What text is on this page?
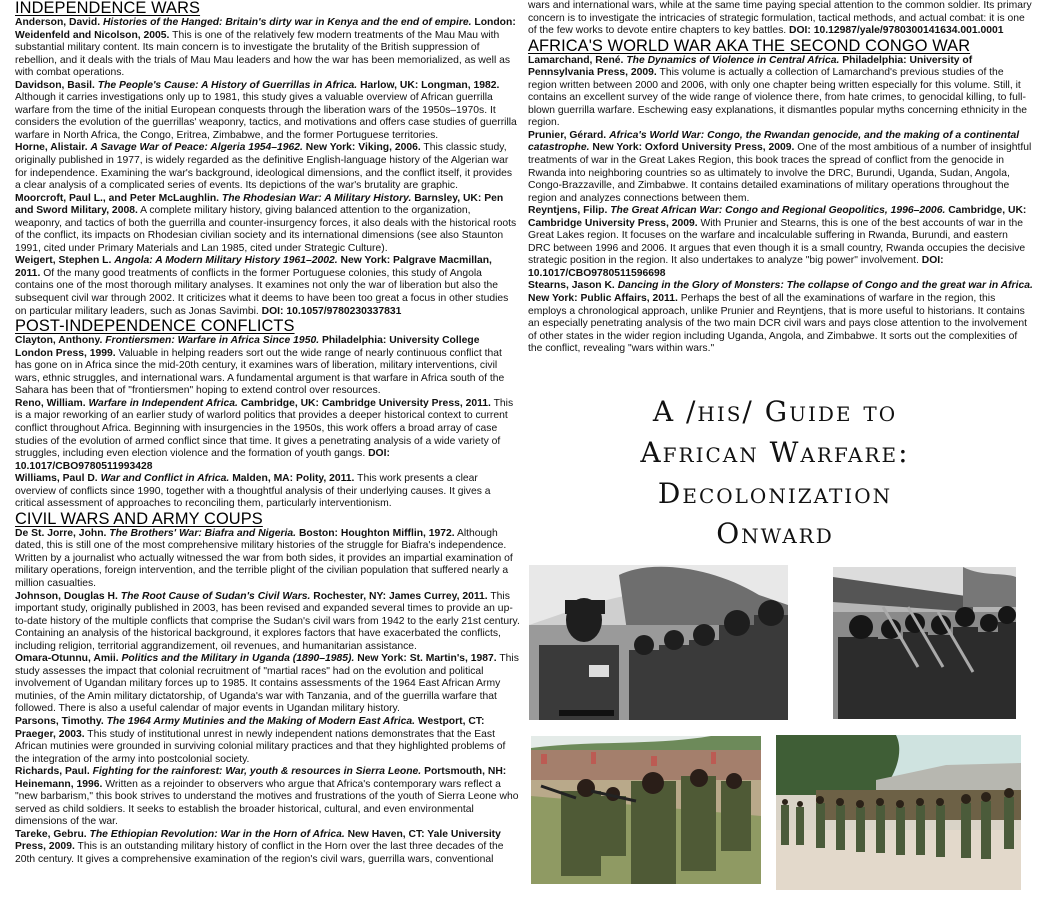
INDEPENDENCE WARS

Anderson, David. Histories of the Hanged: Britain's dirty war in Kenya and the end of empire. London: Weidenfeld and Nicolson, 2005. This is one of the relatively few modern treatments of the Mau Mau with substantial military content. Its main concern is to investigate the brutality of the British suppression of rebellion, and it deals with the trials of Mau Mau leaders and how the war has been memorialized, as well as with combat operations.

Davidson, Basil. The People's Cause: A History of Guerrillas in Africa. Harlow, UK: Longman, 1982. Although it carries investigations only up to 1981, this study gives a valuable overview of African guerrilla warfare from the time of the initial European conquests through the liberation wars of the 1950s–1970s. It considers the evolution of the guerrillas' weaponry, tactics, and motivations and offers case studies of guerrilla warfare in North Africa, the Congo, Eritrea, Zimbabwe, and the former Portuguese territories.

Horne, Alistair. A Savage War of Peace: Algeria 1954–1962. New York: Viking, 2006. This classic study, originally published in 1977, is widely regarded as the definitive English-language history of the Algerian war for independence. Examining the war's background, ideological dimensions, and the conflict itself, it provides a clear analysis of a complicated series of events. Its depictions of the war's brutality are graphic.

Moorcroft, Paul L., and Peter McLaughlin. The Rhodesian War: A Military History. Barnsley, UK: Pen and Sword Military, 2008. A complete military history, giving balanced attention to the organization, weaponry, and tactics of both the guerrilla and counter-insurgency forces, it also deals with the historical roots of the conflict, its impacts on Rhodesian civilian society and its international dimensions (see also Staunton 1991, cited under Primary Materials and Lan 1985, cited under Strategic Culture).

Weigert, Stephen L. Angola: A Modern Military History 1961–2002. New York: Palgrave Macmillan, 2011. Of the many good treatments of conflicts in the former Portuguese colonies, this study of Angola contains one of the most thorough military analyses. It examines not only the war of liberation but also the subsequent civil war through 2002. It criticizes what it deems to have been too great a focus in other studies on particular military leaders, such as Jonas Savimbi. DOI: 10.1057/9780230337831

POST-INDEPENDENCE CONFLICTS

Clayton, Anthony. Frontiersmen: Warfare in Africa Since 1950. Philadelphia: University College London Press, 1999. Valuable in helping readers sort out the wide range of nearly continuous conflict that has gone on in Africa since the mid-20th century, it examines wars of liberation, military interventions, civil wars, ethnic struggles, and international wars. A fundamental argument is that warfare in Africa south of the Sahara has been that of "frontiersmen" hoping to extend control over resources.

Reno, William. Warfare in Independent Africa. Cambridge, UK: Cambridge University Press, 2011. This is a major reworking of an earlier study of warlord politics that provides a deeper historical context to current conflict throughout Africa. Beginning with insurgencies in the 1950s, this work offers a broad array of case studies of the evolution of armed conflict since that time. It gives a penetrating analysis of a wide variety of struggles, including even election violence and the formation of youth gangs. DOI: 10.1017/CBO9780511993428

Williams, Paul D. War and Conflict in Africa. Malden, MA: Polity, 2011. This work presents a clear overview of conflicts since 1990, together with a thoughtful analysis of their underlying causes. It gives a critical assessment of approaches to reconciling them, particularly interventionism.

CIVIL WARS AND ARMY COUPS

De St. Jorre, John. The Brothers' War: Biafra and Nigeria. Boston: Houghton Mifflin, 1972. Although dated, this is still one of the most comprehensive military histories of the struggle for Biafra's independence. Written by a journalist who actually witnessed the war from both sides, it provides an impartial examination of military operations, foreign intervention, and the terrible plight of the civilian population that suffered nearly a million casualties.

Johnson, Douglas H. The Root Cause of Sudan's Civil Wars. Rochester, NY: James Currey, 2011. This important study, originally published in 2003, has been revised and expanded several times to provide an up-to-date history of the multiple conflicts that comprise the Sudan's civil wars from 1942 to the early 21st century. Containing an analysis of the historical background, it explores factors that have exacerbated the conflicts, including religion, territorial aggrandizement, oil revenues, and humanitarian assistance.

Omara-Otunnu, Amii. Politics and the Military in Uganda (1890–1985). New York: St. Martin's, 1987. This study assesses the impact that colonial recruitment of "martial races" had on the evolution and political involvement of Ugandan military forces up to 1985. It contains assessments of the 1964 East African Army mutinies, of the Amin military dictatorship, of Uganda's war with Tanzania, and of the guerrilla warfare that followed. There is also a useful calendar of major events in Ugandan military history.

Parsons, Timothy. The 1964 Army Mutinies and the Making of Modern East Africa. Westport, CT: Praeger, 2003. This study of institutional unrest in newly independent nations demonstrates that the East African mutinies were grounded in surviving colonial military practices and that they highlighted problems of the integration of the army into postcolonial society.

Richards, Paul. Fighting for the rainforest: War, youth & resources in Sierra Leone. Portsmouth, NH: Heinemann, 1996. Written as a rejoinder to observers who argue that Africa's contemporary wars reflect a "new barbarism," this book strives to understand the motives and frustrations of the youth of Sierra Leone who served as child soldiers. It seeks to establish the broader historical, cultural, and even environmental dimensions of the war.

Tareke, Gebru. The Ethiopian Revolution: War in the Horn of Africa. New Haven, CT: Yale University Press, 2009. This is an outstanding military history of conflict in the Horn over the last three decades of the 20th century. It gives a comprehensive examination of the region's civil wars, guerrilla wars, conventional

wars and international wars, while at the same time paying special attention to the common soldier. Its primary concern is to investigate the intricacies of strategic formulation, tactical methods, and actual combat: it is one of the few works to devote entire chapters to key battles. DOI: 10.12987/yale/9780300141634.001.0001

AFRICA'S WORLD WAR AKA THE SECOND CONGO WAR

Lamarchand, René. The Dynamics of Violence in Central Africa. Philadelphia: University of Pennsylvania Press, 2009. This volume is actually a collection of Lamarchand's previous studies of the region written between 2000 and 2006, with only one chapter being written especially for this volume. Still, it contains an excellent survey of the wide range of violence there, from hate crimes, to genocidal killing, to full-blown guerrilla warfare. Eschewing easy explanations, it dismantles popular myths concerning ethnicity in the region.

Prunier, Gérard. Africa's World War: Congo, the Rwandan genocide, and the making of a continental catastrophe. New York: Oxford University Press, 2009. One of the most ambitious of a number of insightful treatments of war in the Great Lakes Region, this book traces the spread of conflict from the genocide in Rwanda into neighboring countries so as ultimately to involve the DRC, Burundi, Uganda, Sudan, Angola, Congo-Brazzaville, and Zimbabwe. It contains detailed examinations of military operations throughout the region and analyzes connections between them.

Reyntjens, Filip. The Great African War: Congo and Regional Geopolitics, 1996–2006. Cambridge, UK: Cambridge University Press, 2009. With Prunier and Stearns, this is one of the best accounts of war in the Great Lakes region. It focuses on the warfare and incalculable suffering in Rwanda, Burundi, and eastern DRC between 1996 and 2006. It argues that even though it is a small country, Rwanda occupies the decisive strategic position in the region. It also undertakes to analyze "big power" involvement. DOI: 10.1017/CBO9780511596698

Stearns, Jason K. Dancing in the Glory of Monsters: The collapse of Congo and the great war in Africa. New York: Public Affairs, 2011. Perhaps the best of all the examinations of warfare in the region, this employs a chronological approach, unlike Prunier and Reyntjens, that is more useful to historians. It contains an especially penetrating analysis of the two main DCR civil wars and pays close attention to the involvement of other states in the wider region including Uganda, Angola, and Zimbabwe. It sorts out the complexities of the conflict, revealing "wars within wars."

A /his/ Guide to
African Warfare:
Decolonization
Onward
